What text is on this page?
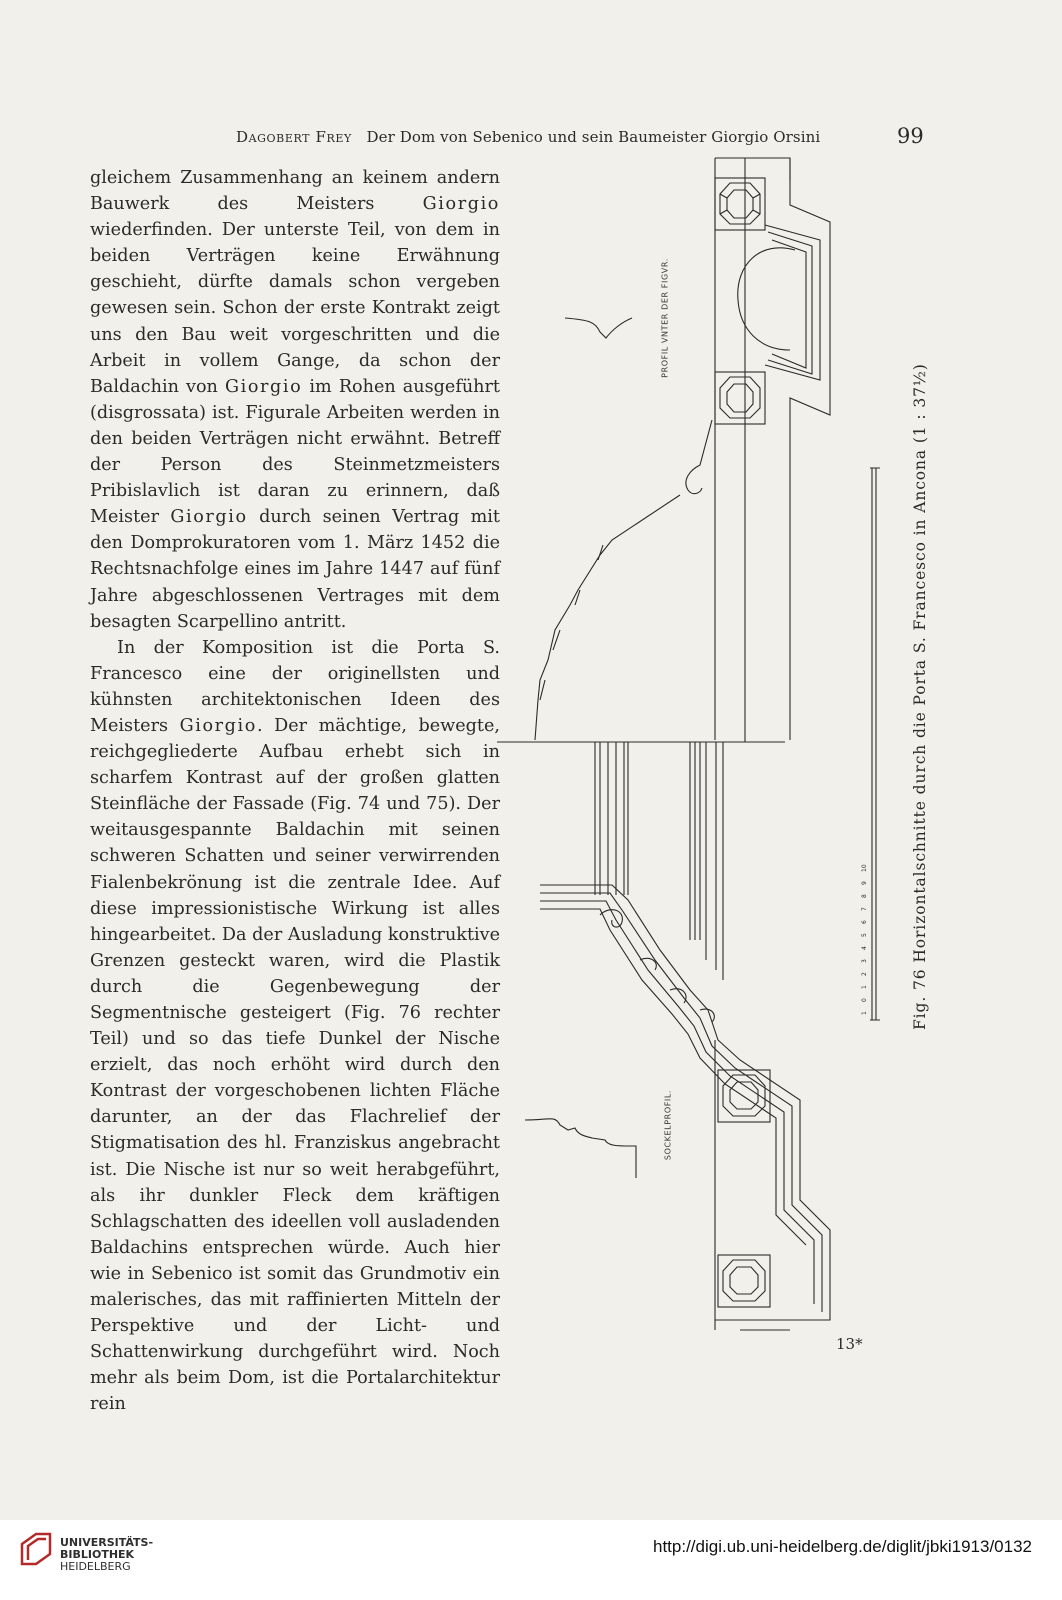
Dagobert Frey Der Dom von Sebenico und sein Baumeister Giorgio Orsini	99

gleichem Zusammenhang an keinem andern Bauwerk des Meisters Giorgio wiederfinden. Der unterste Teil, von dem in beiden Verträgen keine Erwähnung geschieht, dürfte damals schon vergeben gewesen sein. Schon der erste Kontrakt zeigt uns den Bau weit vorgeschritten und die Arbeit in vollem Gange, da schon der Baldachin von Giorgio im Rohen ausgeführt (disgrossata) ist. Figurale Arbeiten werden in den beiden Verträgen nicht erwähnt. Betreff der Person des Steinmetzmeisters Pribislavlich ist daran zu erinnern, daß Meister Giorgio durch seinen Vertrag mit den Domprokuratoren vom 1. März 1452 die Rechtsnachfolge eines im Jahre 1447 auf fünf Jahre abgeschlossenen Vertrages mit dem besagten Scarpellino antritt.

In der Komposition ist die Porta S. Francesco eine der originellsten und kühnsten architektonischen Ideen des Meisters Giorgio. Der mächtige, bewegte, reichgegliederte Aufbau erhebt sich in scharfem Kontrast auf der großen glatten Steinfläche der Fassade (Fig. 74 und 75). Der weitausgespannte Baldachin mit seinen schweren Schatten und seiner verwirrenden Fialenbekrönung ist die zentrale Idee. Auf diese impressionistische Wirkung ist alles hingearbeitet. Da der Ausladung konstruktive Grenzen gesteckt waren, wird die Plastik durch die Gegenbewegung der Segmentnische gesteigert (Fig. 76 rechter Teil) und so das tiefe Dunkel der Nische erzielt, das noch erhöht wird durch den Kontrast der vorgeschobenen lichten Fläche darunter, an der das Flachrelief der Stigmatisation des hl. Franziskus angebracht ist. Die Nische ist nur so weit herabgeführt, als ihr dunkler Fleck dem kräftigen Schlagschatten des ideellen voll ausladenden Baldachins entsprechen würde. Auch hier wie in Sebenico ist somit das Grundmotiv ein malerisches, das mit raffinierten Mitteln der Perspektive und der Licht- und Schattenwirkung durchgeführt wird. Noch mehr als beim Dom, ist die Portalarchitektur rein

1
0
1
2
3
4
5
6
7
8
9
10
PROFIL VNTER DER FIGVR.
SOCKELPROFIL.
Fig. 76 Horizontalschnitte durch die Porta S. Francesco in Ancona (1 : 37½)
13*
UNIVERSITÄTS-
BIBLIOTHEK
HEIDELBERG
http://digi.ub.uni-heidelberg.de/diglit/jbki1913/0132
